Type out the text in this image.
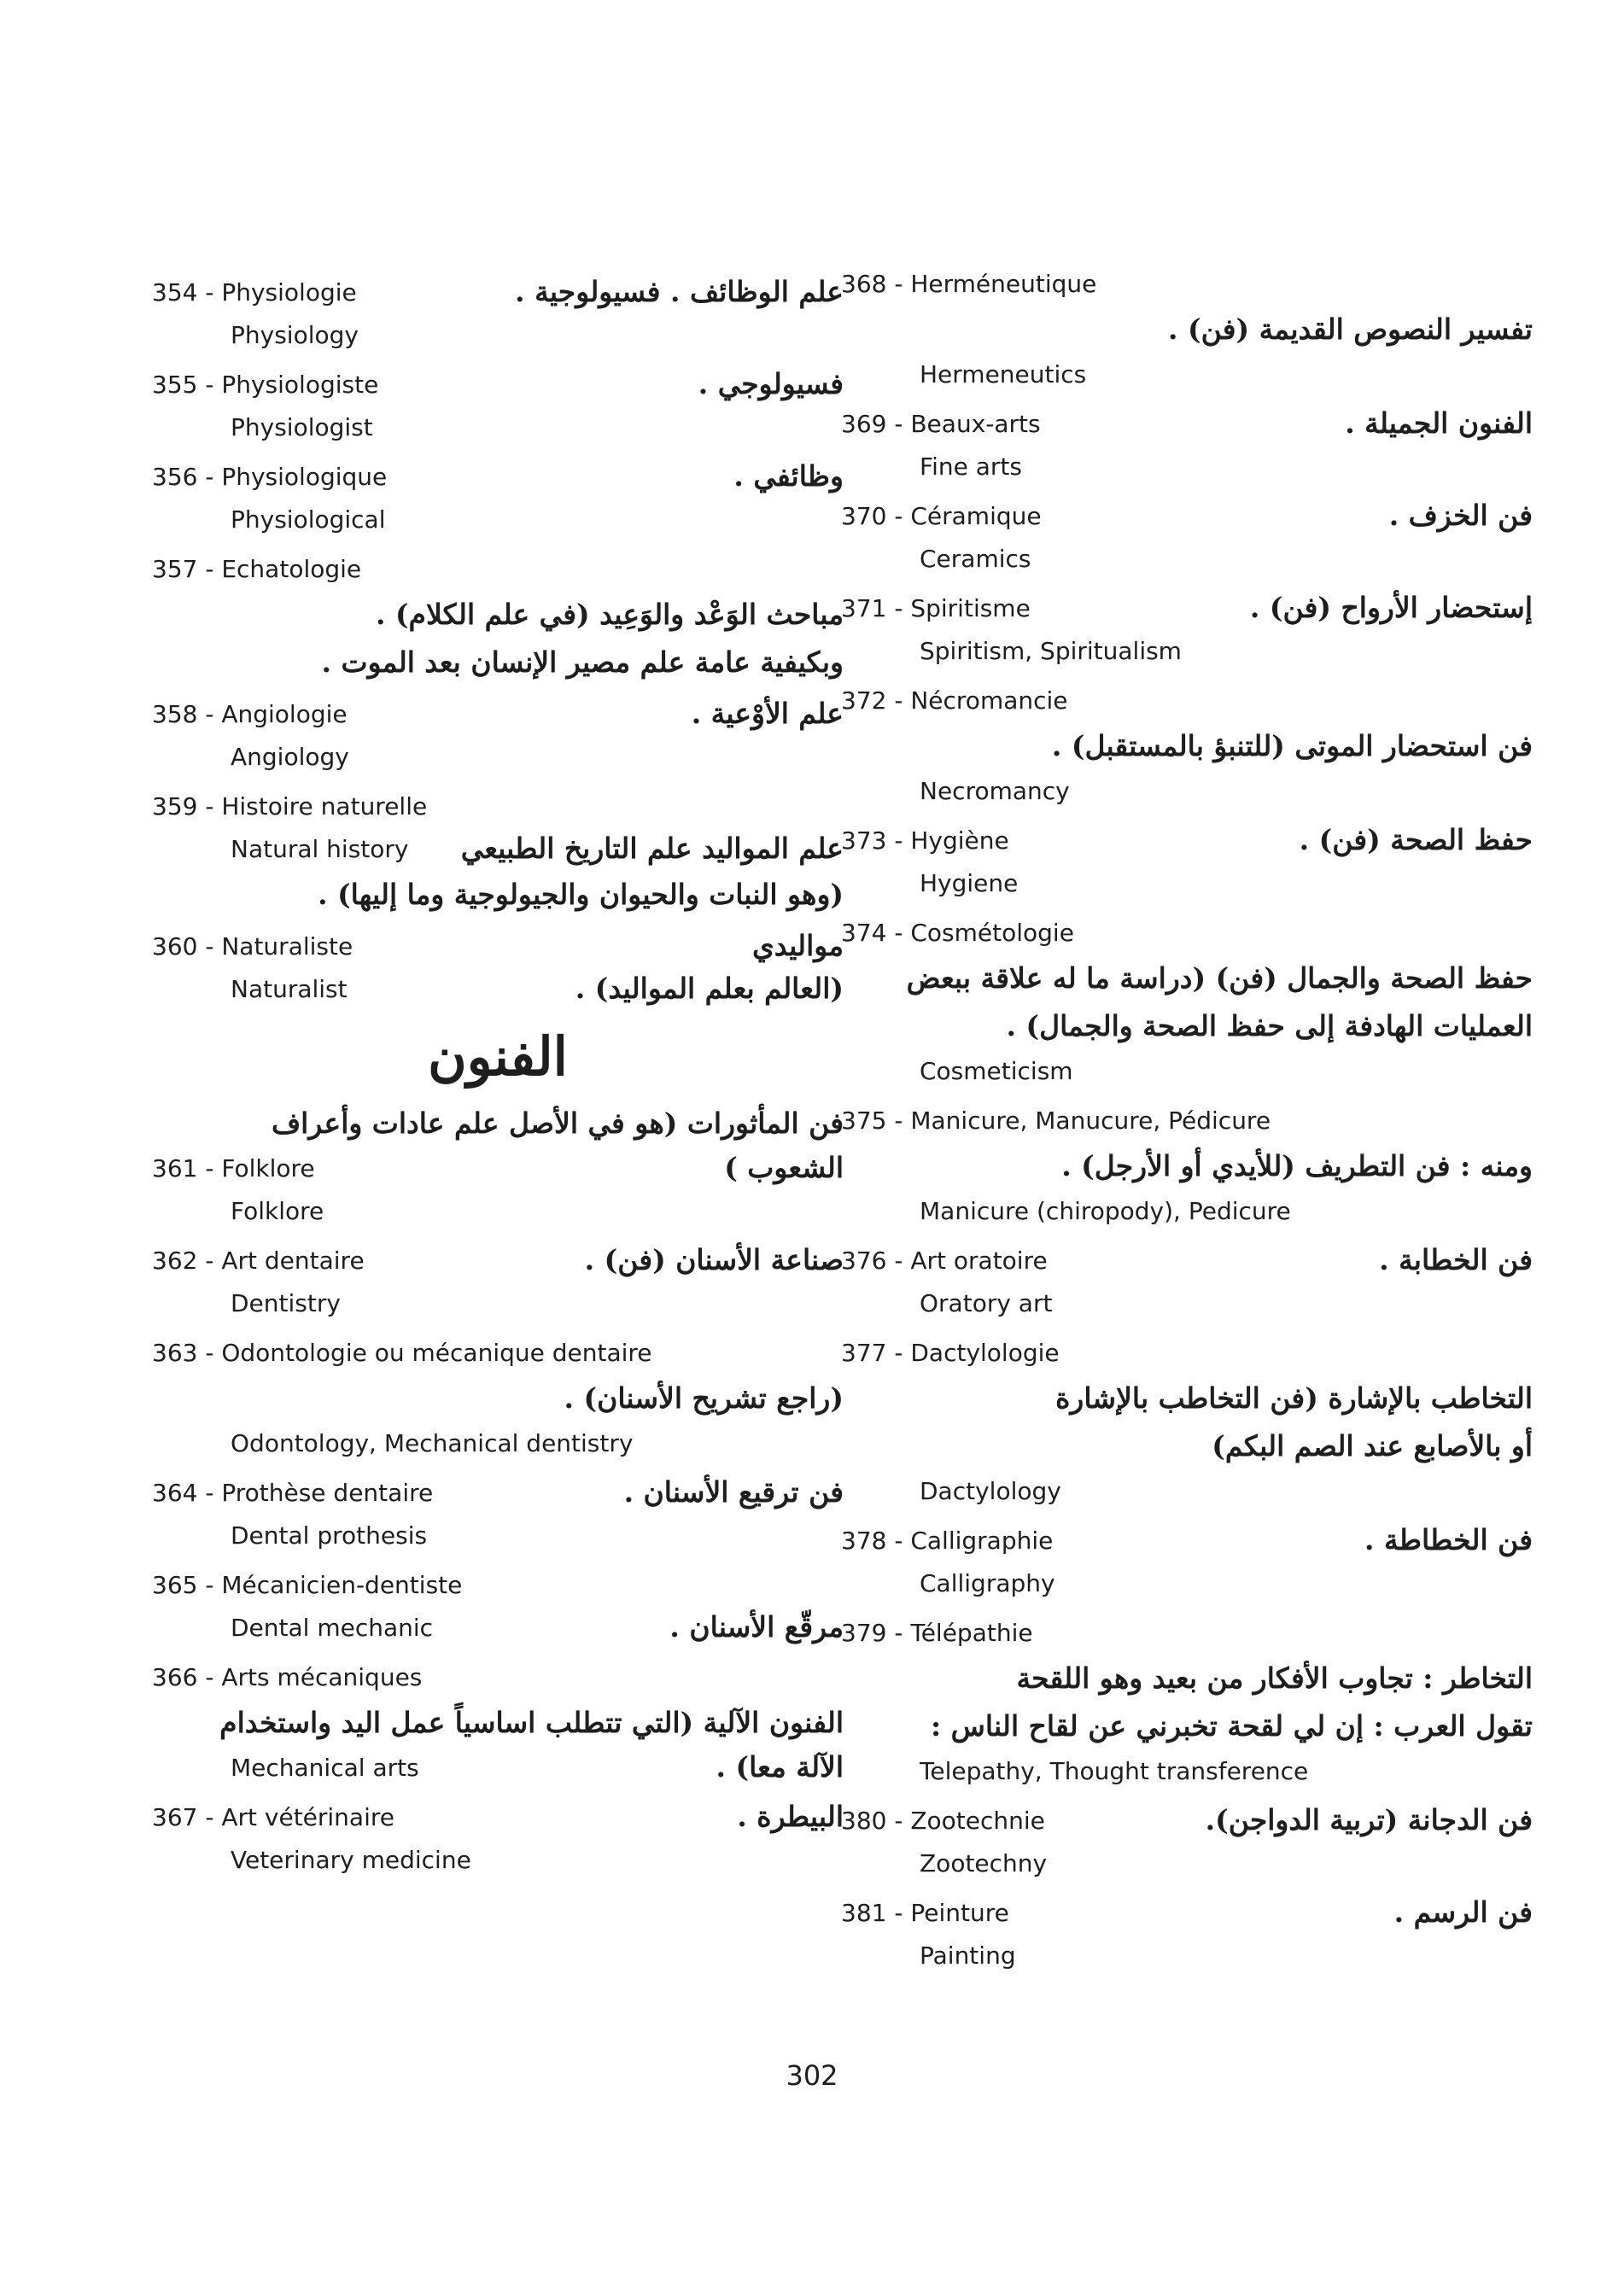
علم الوظائف . فسيولوجية .
354 - Physiologie
Physiology
فسيولوجي .
355 - Physiologiste
Physiologist
وظائفي .
356 - Physiologique
Physiological
357 - Echatologie
مباحث الوَعْد والوَعِيد (في علم الكلام) .
وبكيفية عامة علم مصير الإنسان بعد الموت .
علم الأوْعية .
358 - Angiologie
Angiology
359 - Histoire naturelle
علم المواليد علم التاريخ الطبيعي
Natural history
(وهو النبات والحيوان والجيولوجية وما إليها) .
مواليدي
360 - Naturaliste
(العالم بعلم المواليد) .
Naturalist
الفنون
فن المأثورات (هو في الأصل علم عادات وأعراف
الشعوب )
361 - Folklore
Folklore
صناعة الأسنان (فن) .
362 - Art dentaire
Dentistry
363 - Odontologie ou mécanique dentaire
(راجع تشريح الأسنان) .
Odontology, Mechanical dentistry
فن ترقيع الأسنان .
364 - Prothèse dentaire
Dental prothesis
365 - Mécanicien-dentiste
مرقّع الأسنان .
Dental mechanic
366 - Arts mécaniques
الفنون الآلية (التي تتطلب اساسياً عمل اليد واستخدام
الآلة معا) .
Mechanical arts
البيطرة .
367 - Art vétérinaire
Veterinary medicine
368 - Herméneutique
تفسير النصوص القديمة (فن) .
Hermeneutics
الفنون الجميلة .
369 - Beaux-arts
Fine arts
فن الخزف .
370 - Céramique
Ceramics
إستحضار الأرواح (فن) .
371 - Spiritisme
Spiritism, Spiritualism
372 - Nécromancie
فن استحضار الموتى (للتنبؤ بالمستقبل) .
Necromancy
حفظ الصحة (فن) .
373 - Hygiène
Hygiene
374 - Cosmétologie
حفظ الصحة والجمال (فن) (دراسة ما له علاقة ببعض
العمليات الهادفة إلى حفظ الصحة والجمال) .
Cosmeticism
375 - Manicure, Manucure, Pédicure
ومنه : فن التطريف (للأيدي أو الأرجل) .
Manicure (chiropody), Pedicure
فن الخطابة .
376 - Art oratoire
Oratory art
377 - Dactylologie
التخاطب بالإشارة (فن التخاطب بالإشارة
أو بالأصابع عند الصم البكم)
Dactylology
فن الخطاطة .
378 - Calligraphie
Calligraphy
379 - Télépathie
التخاطر : تجاوب الأفكار من بعيد وهو اللقحة
تقول العرب : إن لي لقحة تخبرني عن لقاح الناس :
Telepathy, Thought transference
فن الدجانة (تربية الدواجن).
380 - Zootechnie
Zootechny
فن الرسم .
381 - Peinture
Painting
302
